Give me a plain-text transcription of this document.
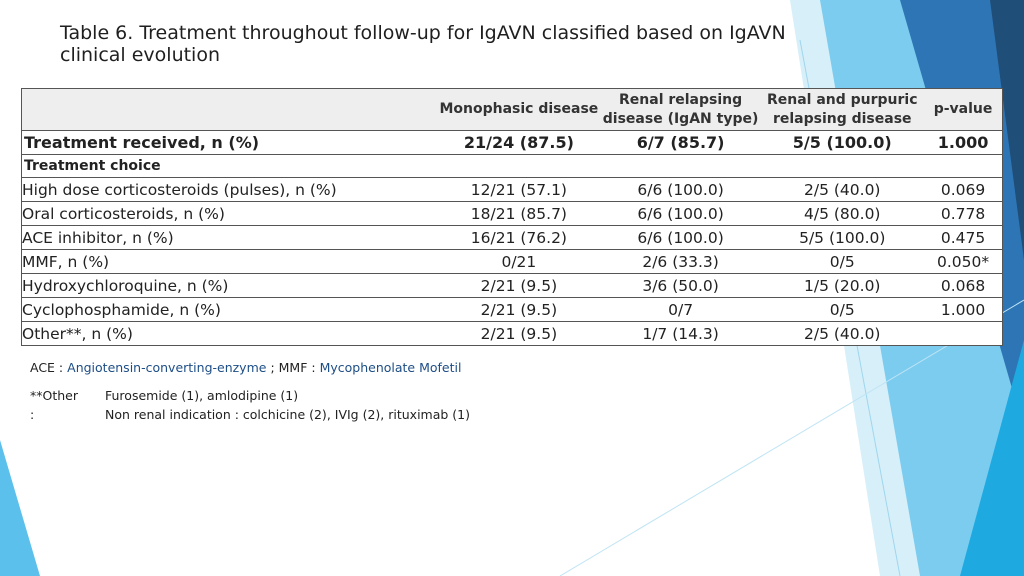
Table 6. Treatment throughout follow-up for IgAVN classified based on IgAVN clinical evolution
	Monophasic disease	Renal relapsing disease (IgAN type)	Renal and purpuric relapsing disease	p-value
Treatment received, n (%)	21/24 (87.5)	6/7 (85.7)	5/5 (100.0)	1.000
Treatment choice				
High dose corticosteroids (pulses), n (%)	12/21 (57.1)	6/6 (100.0)	2/5 (40.0)	0.069
Oral corticosteroids, n (%)	18/21 (85.7)	6/6 (100.0)	4/5 (80.0)	0.778
ACE inhibitor, n (%)	16/21 (76.2)	6/6 (100.0)	5/5 (100.0)	0.475
MMF, n (%)	0/21	2/6 (33.3)	0/5	0.050*
Hydroxychloroquine, n (%)	2/21 (9.5)	3/6 (50.0)	1/5 (20.0)	0.068
Cyclophosphamide, n (%)	2/21 (9.5)	0/7	0/5	1.000
Other**, n (%)	2/21 (9.5)	1/7 (14.3)	2/5 (40.0)	
ACE : Angiotensin-converting-enzyme ; MMF : Mycophenolate Mofetil
**Other :
Furosemide (1), amlodipine (1)
Non renal indication : colchicine (2), IVIg (2), rituximab (1)
